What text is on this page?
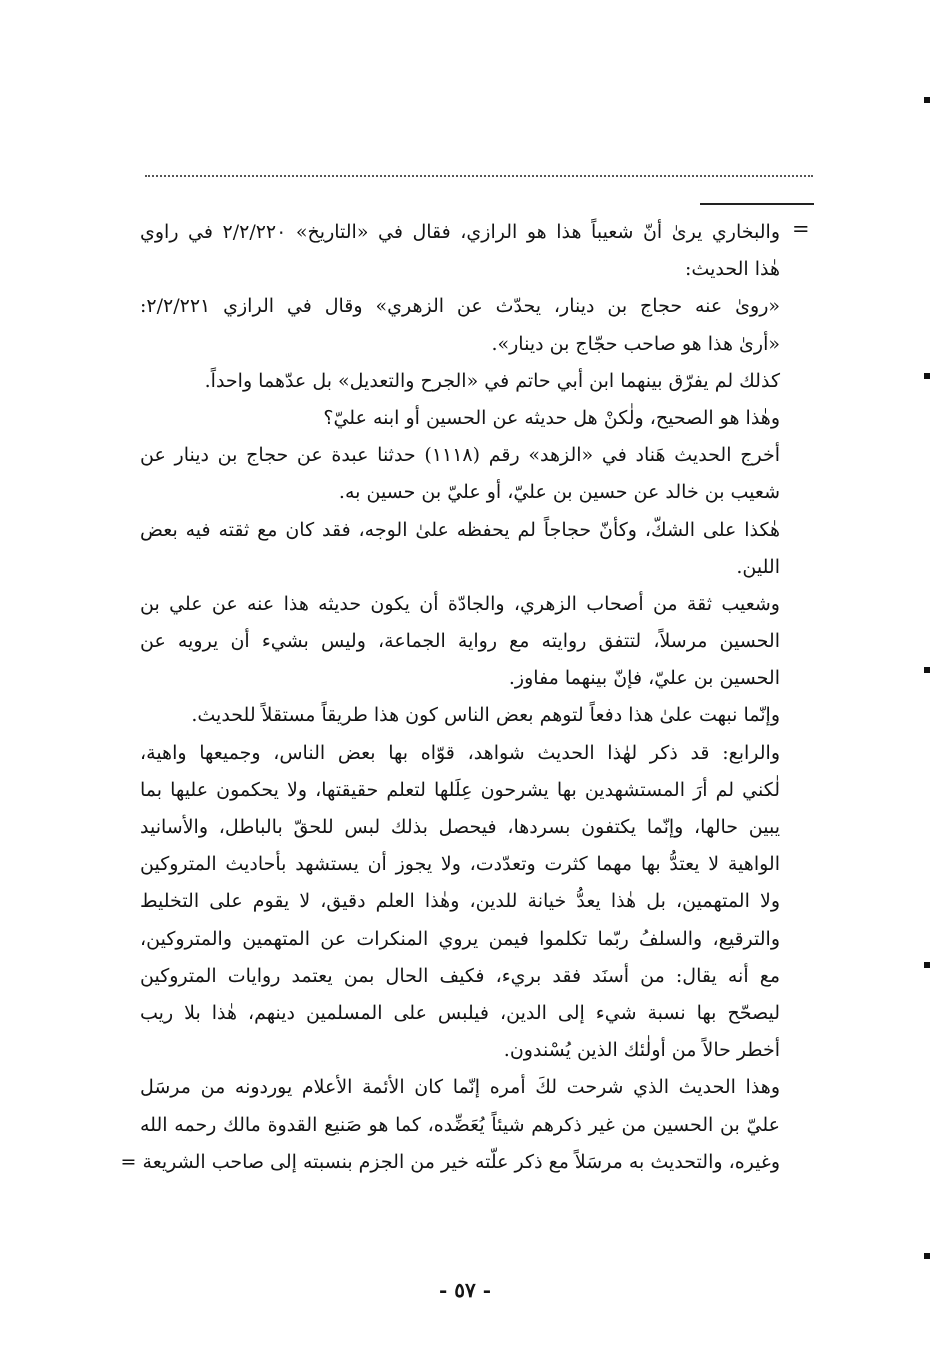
=
والبخاري يرىٰ أنّ شعيباً هذا هو الرازي، فقال في «التاريخ» ٢/٢/٢٢٠ في راوي
هٰذا الحديث:
«روىٰ عنه حجاج بن دينار، يحدّث عن الزهري» وقال في الرازي ٢/٢/٢٢١:
«أرىٰ هذا هو صاحب حجّاج بن دينار».
كذلك لم يفرّق بينهما ابن أبي حاتم في «الجرح والتعديل» بل عدّهما واحداً.
وهٰذا هو الصحيح، ولٰكنْ هل حديثه عن الحسين أو ابنه عليّ؟
أخرج الحديث هَناد في «الزهد» رقم (١١١٨) حدثنا عبدة عن حجاج بن دينار عن
شعيب بن خالد عن حسين بن عليّ، أو عليّ بن حسين به.
هٰكذا على الشكّ، وكأنّ حجاجاً لم يحفظه علىٰ الوجه، فقد كان مع ثقته فيه بعض
اللين.
وشعيب ثقة من أصحاب الزهري، والجادّة أن يكون حديثه هذا عنه عن علي بن
الحسين مرسلاً، لتتفق روايته مع رواية الجماعة، وليس بشيء أن يرويه عن
الحسين بن عليّ، فإنّ بينهما مفاوز.
وإنّما نبهت علىٰ هذا دفعاً لتوهم بعض الناس كون هذا طريقاً مستقلاً للحديث.
والرابع: قد ذكر لهٰذا الحديث شواهد، قوّاه بها بعض الناس، وجميعها واهية،
لٰكني لم أرَ المستشهدين بها يشرحون عِلَلها لتعلم حقيقتها، ولا يحكمون عليها بما
يبين حالها، وإنّما يكتفون بسردها، فيحصل بذلك لبس للحقّ بالباطل، والأسانيد
الواهية لا يعتدُّ بها مهما كثرت وتعدّدت، ولا يجوز أن يستشهد بأحاديث المتروكين
ولا المتهمين، بل هٰذا يعدُّ خيانة للدين، وهٰذا العلم دقيق، لا يقوم على التخليط
والترقيع، والسلفُ ربّما تكلموا فيمن يروي المنكرات عن المتهمين والمتروكين،
مع أنه يقال: من أسنَد فقد بريء، فكيف الحال بمن يعتمد روايات المتروكين
ليصحّح بها نسبة شيء إلى الدين، فيلبس على المسلمين دينهم، هٰذا بلا ريب
أخطر حالاً من أولٰئك الذين يُسْندون.
وهذا الحديث الذي شرحت لكَ أمره إنّما كان الأئمة الأعلام يوردونه من مرسَل
عليّ بن الحسين من غير ذكرهم شيئاً يُعَضِّده، كما هو صَنيع القدوة مالك رحمه الله
وغيره، والتحديث به مرسَلاً مع ذكر علّته خير من الجزم بنسبته إلى صاحب الشريعة =
- ٥٧ -
